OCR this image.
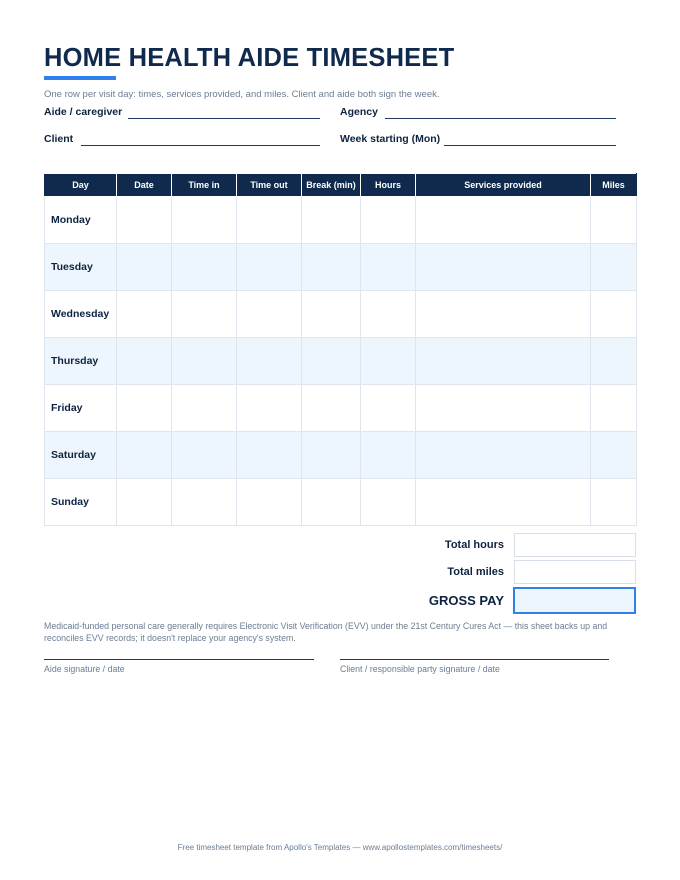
HOME HEALTH AIDE TIMESHEET
One row per visit day: times, services provided, and miles. Client and aide both sign the week.
Aide / caregiver	Agency
Client	Week starting (Mon)
Day	Date	Time in	Time out	Break (min)	Hours	Services provided	Miles
Monday							
Tuesday							
Wednesday							
Thursday							
Friday							
Saturday							
Sunday							
Total hours
Total miles
GROSS PAY
Medicaid-funded personal care generally requires Electronic Visit Verification (EVV) under the 21st Century Cures Act — this sheet backs up and reconciles EVV records; it doesn't replace your agency's system.
Aide signature / date	Client / responsible party signature / date
Free timesheet template from Apollo's Templates — www.apollostemplates.com/timesheets/
